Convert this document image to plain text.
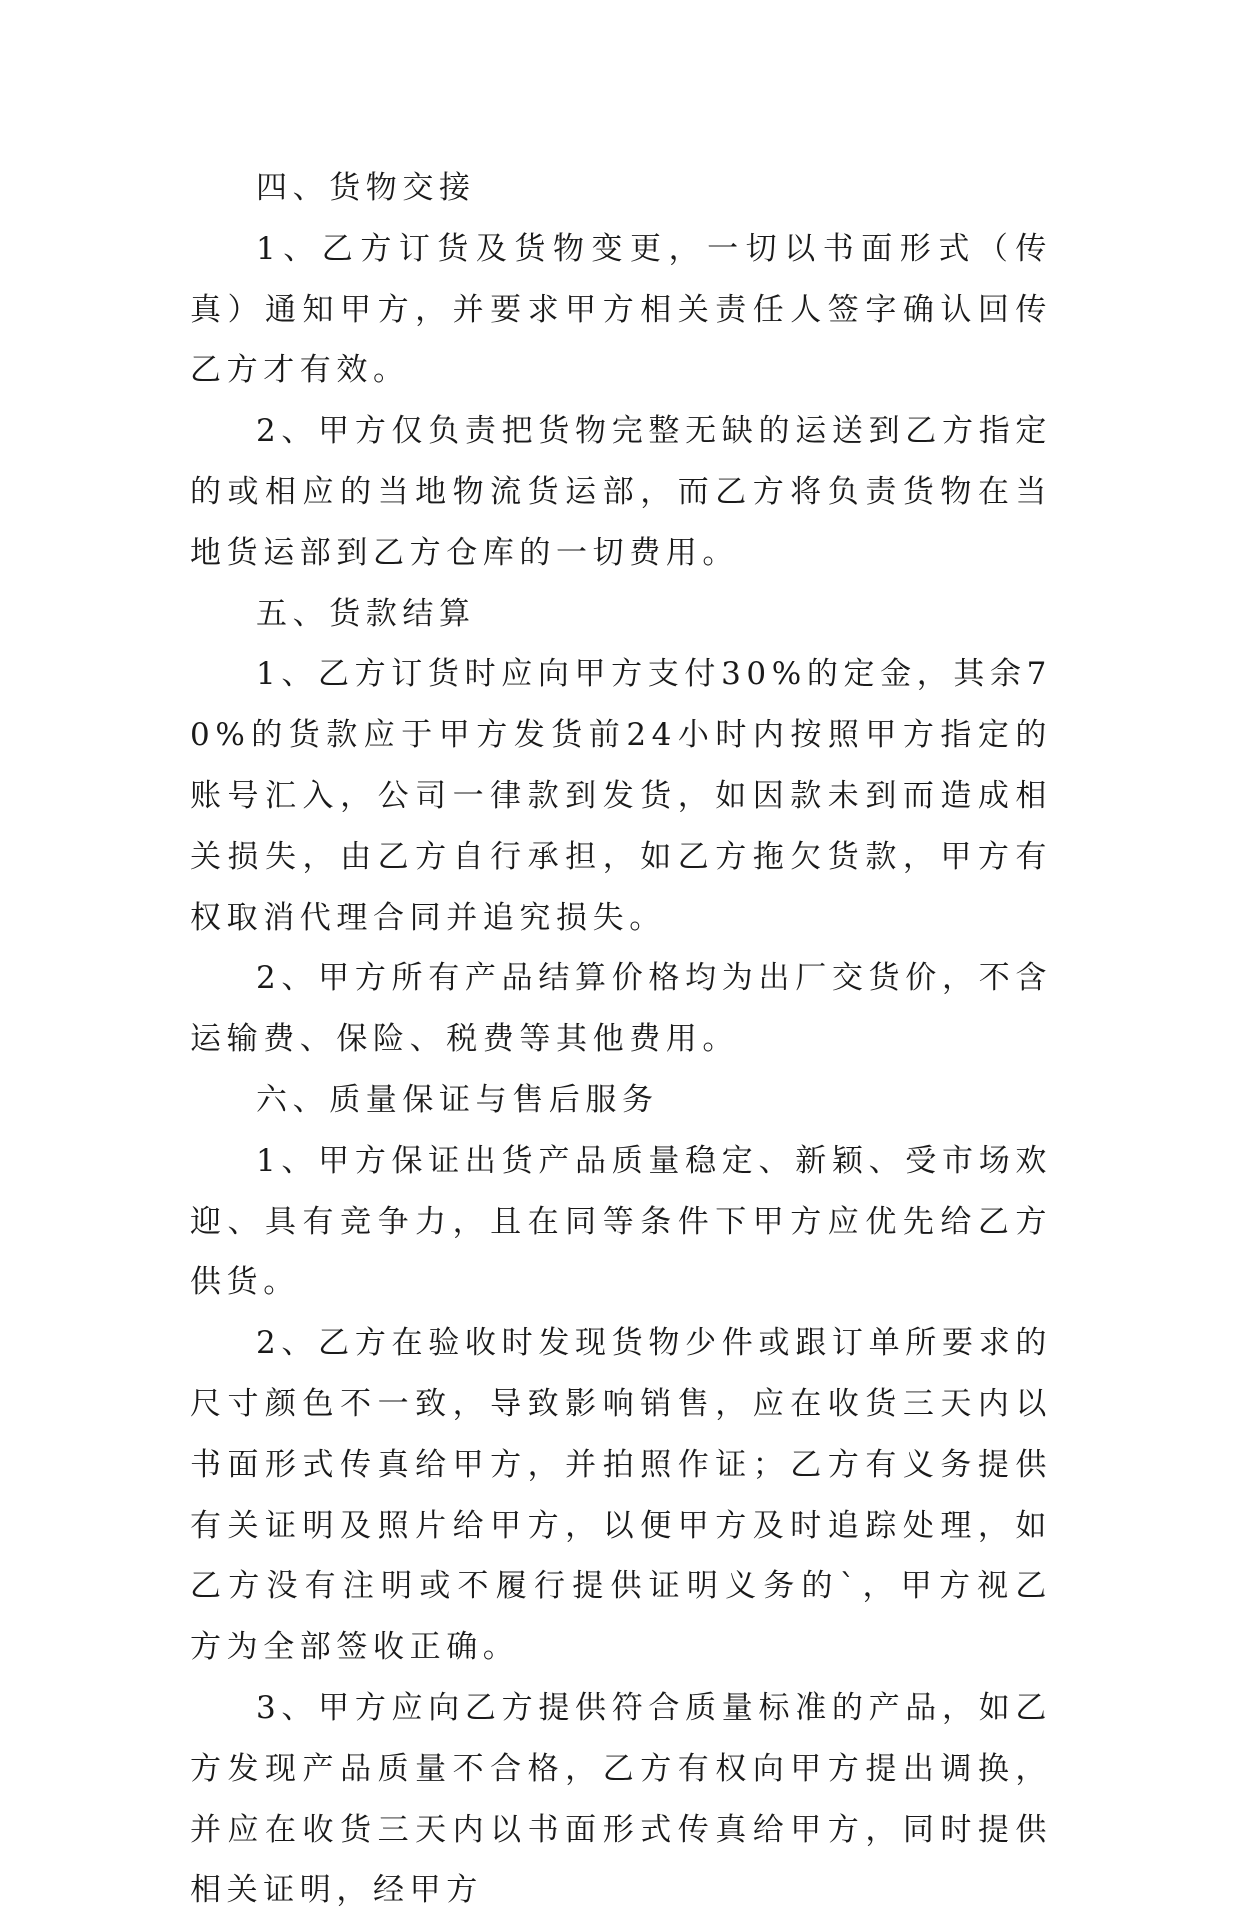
四、货物交接

1、乙方订货及货物变更，一切以书面形式（传真）通知甲方，并要求甲方相关责任人签字确认回传乙方才有效。

2、甲方仅负责把货物完整无缺的运送到乙方指定的或相应的当地物流货运部，而乙方将负责货物在当地货运部到乙方仓库的一切费用。

五、货款结算

1、乙方订货时应向甲方支付30%的定金，其余70%的货款应于甲方发货前24小时内按照甲方指定的账号汇入，公司一律款到发货，如因款未到而造成相关损失，由乙方自行承担，如乙方拖欠货款，甲方有权取消代理合同并追究损失。

2、甲方所有产品结算价格均为出厂交货价，不含运输费、保险、税费等其他费用。

六、质量保证与售后服务

1、甲方保证出货产品质量稳定、新颖、受市场欢迎、具有竞争力，且在同等条件下甲方应优先给乙方供货。

2、乙方在验收时发现货物少件或跟订单所要求的尺寸颜色不一致，导致影响销售，应在收货三天内以书面形式传真给甲方，并拍照作证；乙方有义务提供有关证明及照片给甲方，以便甲方及时追踪处理，如乙方没有注明或不履行提供证明义务的`，甲方视乙方为全部签收正确。

3、甲方应向乙方提供符合质量标准的产品，如乙方发现产品质量不合格，乙方有权向甲方提出调换，并应在收货三天内以书面形式传真给甲方，同时提供相关证明，经甲方
